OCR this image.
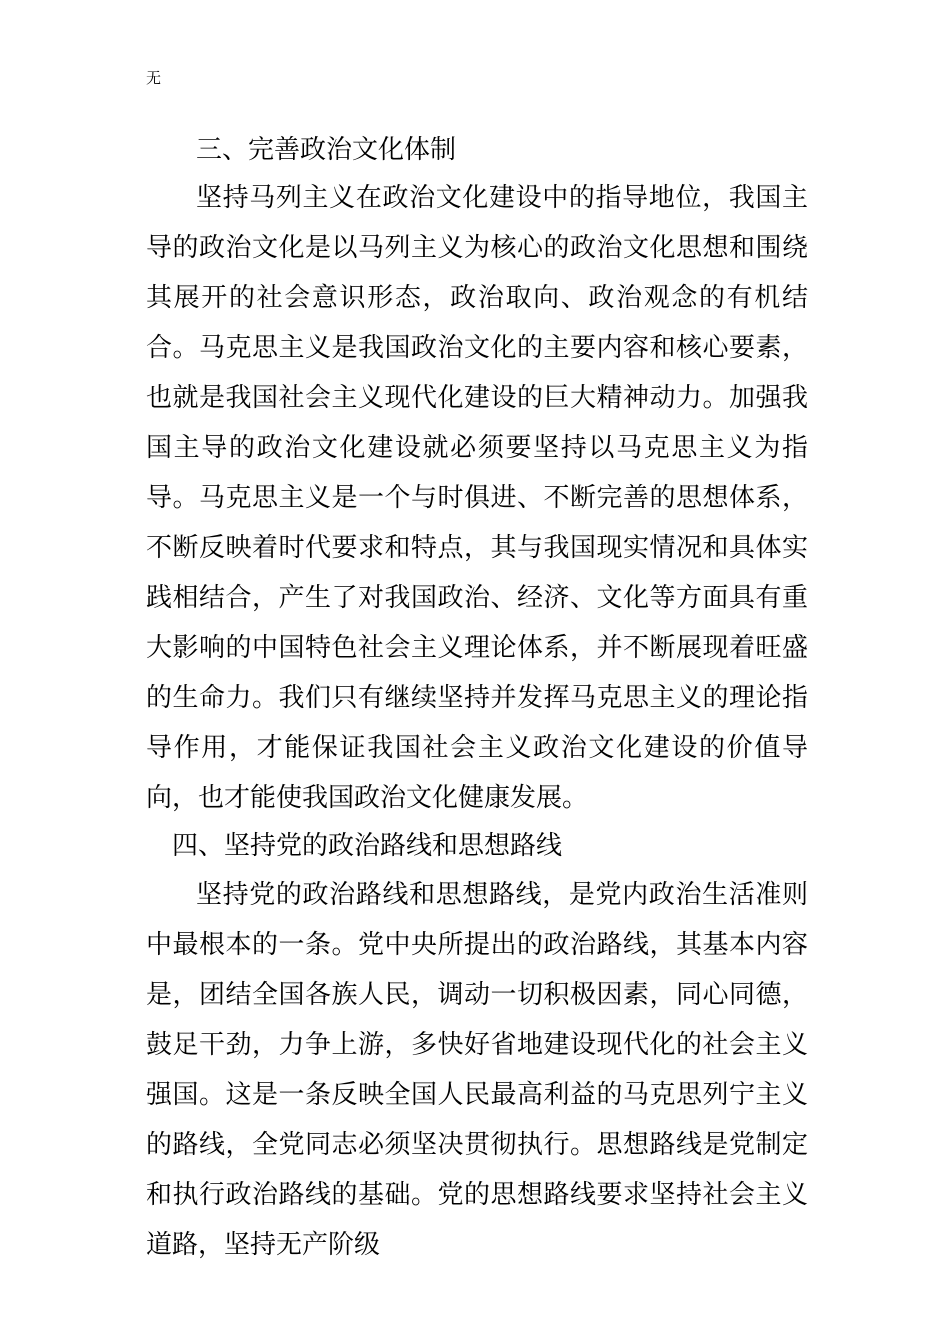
无
三、完善政治文化体制

坚持马列主义在政治文化建设中的指导地位，我国主导的政治文化是以马列主义为核心的政治文化思想和围绕其展开的社会意识形态，政治取向、政治观念的有机结合。马克思主义是我国政治文化的主要内容和核心要素，也就是我国社会主义现代化建设的巨大精神动力。加强我国主导的政治文化建设就必须要坚持以马克思主义为指导。马克思主义是一个与时俱进、不断完善的思想体系，不断反映着时代要求和特点，其与我国现实情况和具体实践相结合，产生了对我国政治、经济、文化等方面具有重大影响的中国特色社会主义理论体系，并不断展现着旺盛的生命力。我们只有继续坚持并发挥马克思主义的理论指导作用，才能保证我国社会主义政治文化建设的价值导向，也才能使我国政治文化健康发展。

四、坚持党的政治路线和思想路线

坚持党的政治路线和思想路线，是党内政治生活准则中最根本的一条。党中央所提出的政治路线，其基本内容是，团结全国各族人民，调动一切积极因素，同心同德，鼓足干劲，力争上游，多快好省地建设现代化的社会主义强国。这是一条反映全国人民最高利益的马克思列宁主义的路线，全党同志必须坚决贯彻执行。思想路线是党制定和执行政治路线的基础。党的思想路线要求坚持社会主义道路，坚持无产阶级
